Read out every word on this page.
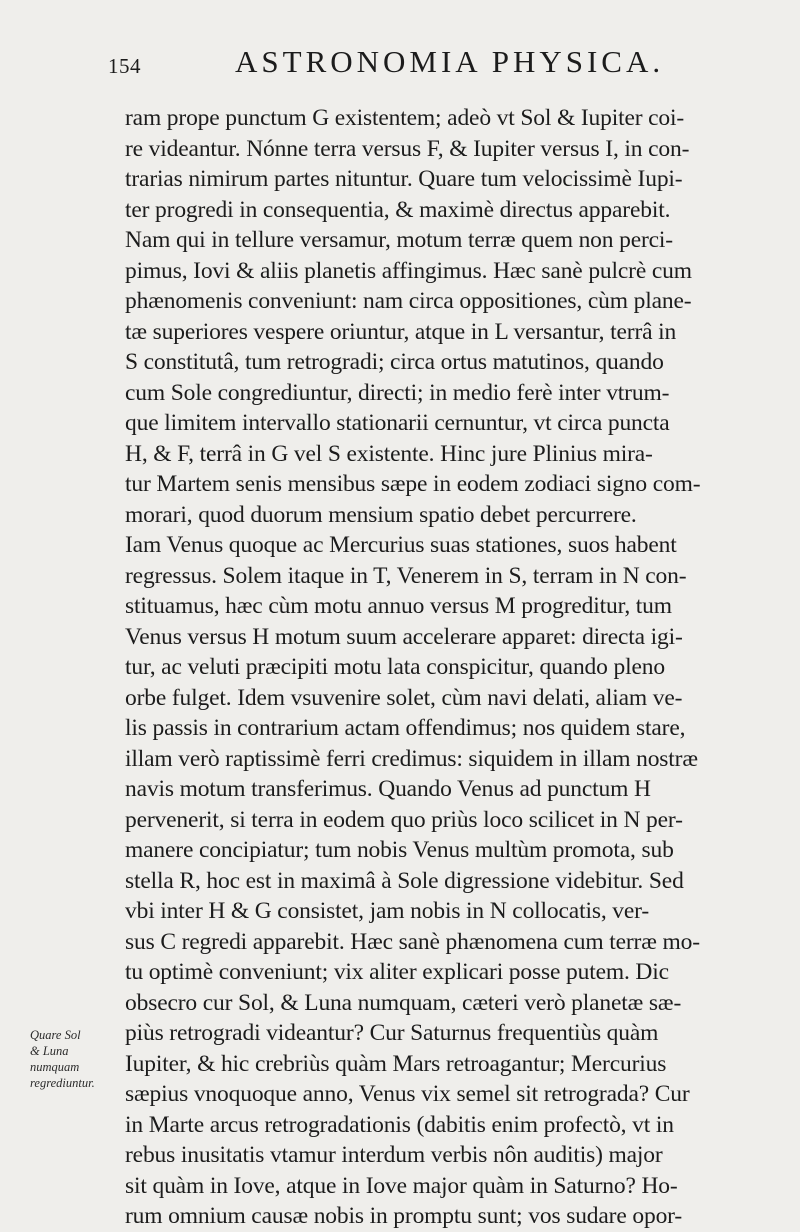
154	ASTRONOMIA PHYSICA.
ram prope punctum G existentem; adeò vt Sol & Iupiter coi-
re videantur. Nónne terra versus F, & Iupiter versus I, in con-
trarias nimirum partes nituntur. Quare tum velocissimè Iupi-
ter progredi in consequentia, & maximè directus apparebit.
Nam qui in tellure versamur, motum terræ quem non perci-
pimus, Iovi & aliis planetis affingimus. Hæc sanè pulcrè cum
phænomenis conveniunt: nam circa oppositiones, cùm plane-
tæ superiores vespere oriuntur, atque in L versantur, terrâ in
S constitutâ, tum retrogradi; circa ortus matutinos, quando
cum Sole congrediuntur, directi; in medio ferè inter vtrum-
que limitem intervallo stationarii cernuntur, vt circa puncta
H, & F, terrâ in G vel S existente. Hinc jure Plinius mira-
tur Martem senis mensibus sæpe in eodem zodiaci signo com-
morari, quod duorum mensium spatio debet percurrere.
Iam Venus quoque ac Mercurius suas stationes, suos habent
regressus. Solem itaque in T, Venerem in S, terram in N con-
stituamus, hæc cùm motu annuo versus M progreditur, tum
Venus versus H motum suum accelerare apparet: directa igi-
tur, ac veluti præcipiti motu lata conspicitur, quando pleno
orbe fulget. Idem vsuvenire solet, cùm navi delati, aliam ve-
lis passis in contrarium actam offendimus; nos quidem stare,
illam verò raptissimè ferri credimus: siquidem in illam nostræ
navis motum transferimus. Quando Venus ad punctum H
pervenerit, si terra in eodem quo priùs loco scilicet in N per-
manere concipiatur; tum nobis Venus multùm promota, sub
stella R, hoc est in maximâ à Sole digressione videbitur. Sed
vbi inter H & G consistet, jam nobis in N collocatis, ver-
sus C regredi apparebit. Hæc sanè phænomena cum terræ mo-
tu optimè conveniunt; vix aliter explicari posse putem. Dic
obsecro cur Sol, & Luna numquam, cæteri verò planetæ sæ-
piùs retrogradi videantur? Cur Saturnus frequentiùs quàm
Iupiter, & hic crebriùs quàm Mars retroagantur; Mercurius
sæpius vnoquoque anno, Venus vix semel sit retrograda? Cur
in Marte arcus retrogradationis (dabitis enim profectò, vt in
rebus inusitatis vtamur interdum verbis nôn auditis) major
sit quàm in Iove, atque in Iove major quàm in Saturno? Ho-
rum omnium causæ nobis in promptu sunt; vos sudare opor-
Quare Sol
& Luna
numquam
regrediuntur.
